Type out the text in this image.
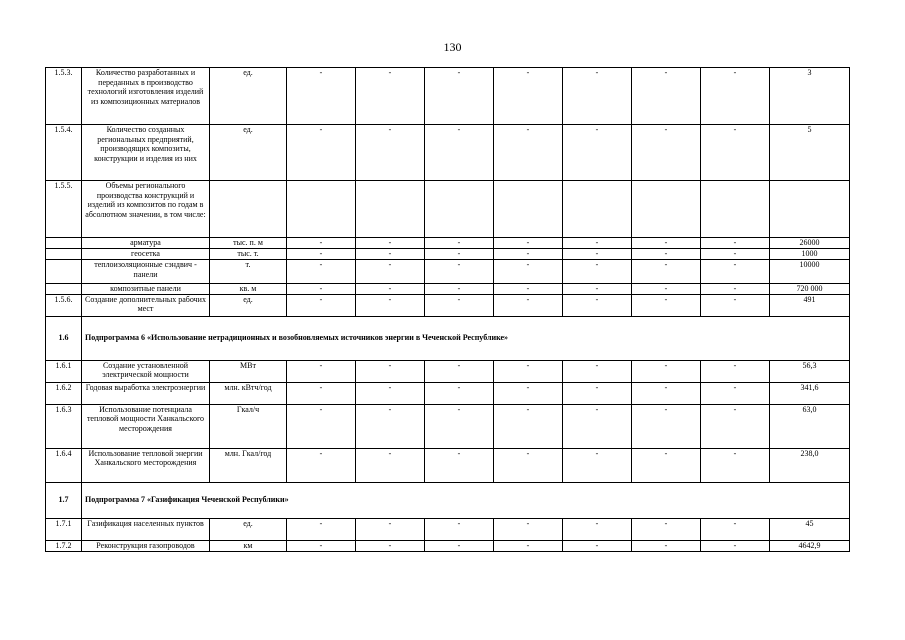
130
1.5.3.	Количество разработанных и переданных в производство технологий изготовления изделий из композиционных материалов	ед.	-	-	-	-	-	-	-	3
1.5.4.	Количество созданных региональных предприятий, производящих композиты, конструкции и изделия из них	ед.	-	-	-	-	-	-	-	5
1.5.5.	Объемы регионального производства конструкций и изделий из композитов по годам в абсолютном значении, в том числе:									
	арматура	тыс. п. м	-	-	-	-	-	-	-	26000
	геосетка	тыс. т.	-	-	-	-	-	-	-	1000
	теплоизоляционные сэндвич - панели	т.	-	-	-	-	-	-	-	10000
	композитные панели	кв. м	-	-	-	-	-	-	-	720 000
1.5.6.	Создание дополнительных рабочих мест	ед.	-	-	-	-	-	-	-	491
1.6	Подпрограмма 6 «Использование нетрадиционных и возобновляемых источников энергии в Чеченской Республике»									
1.6.1	Создание установленной электрической мощности	МВт	-	-	-	-	-	-	-	56,3
1.6.2	Годовая выработка электроэнергии	млн. кВтч/год	-	-	-	-	-	-	-	341,6
1.6.3	Использование потенциала тепловой мощности Ханкальского месторождения	Гкал/ч	-	-	-	-	-	-	-	63,0
1.6.4	Использование тепловой энергии Ханкальского месторождения	млн. Гкал/год	-	-	-	-	-	-	-	238,0
1.7	Подпрограмма 7 «Газификация Чеченской Республики»									
1.7.1	Газификация населенных пунктов	ед.	-	-	-	-	-	-	-	45
1.7.2	Реконструкция газопроводов	км	-	-	-	-	-	-	-	4642,9
